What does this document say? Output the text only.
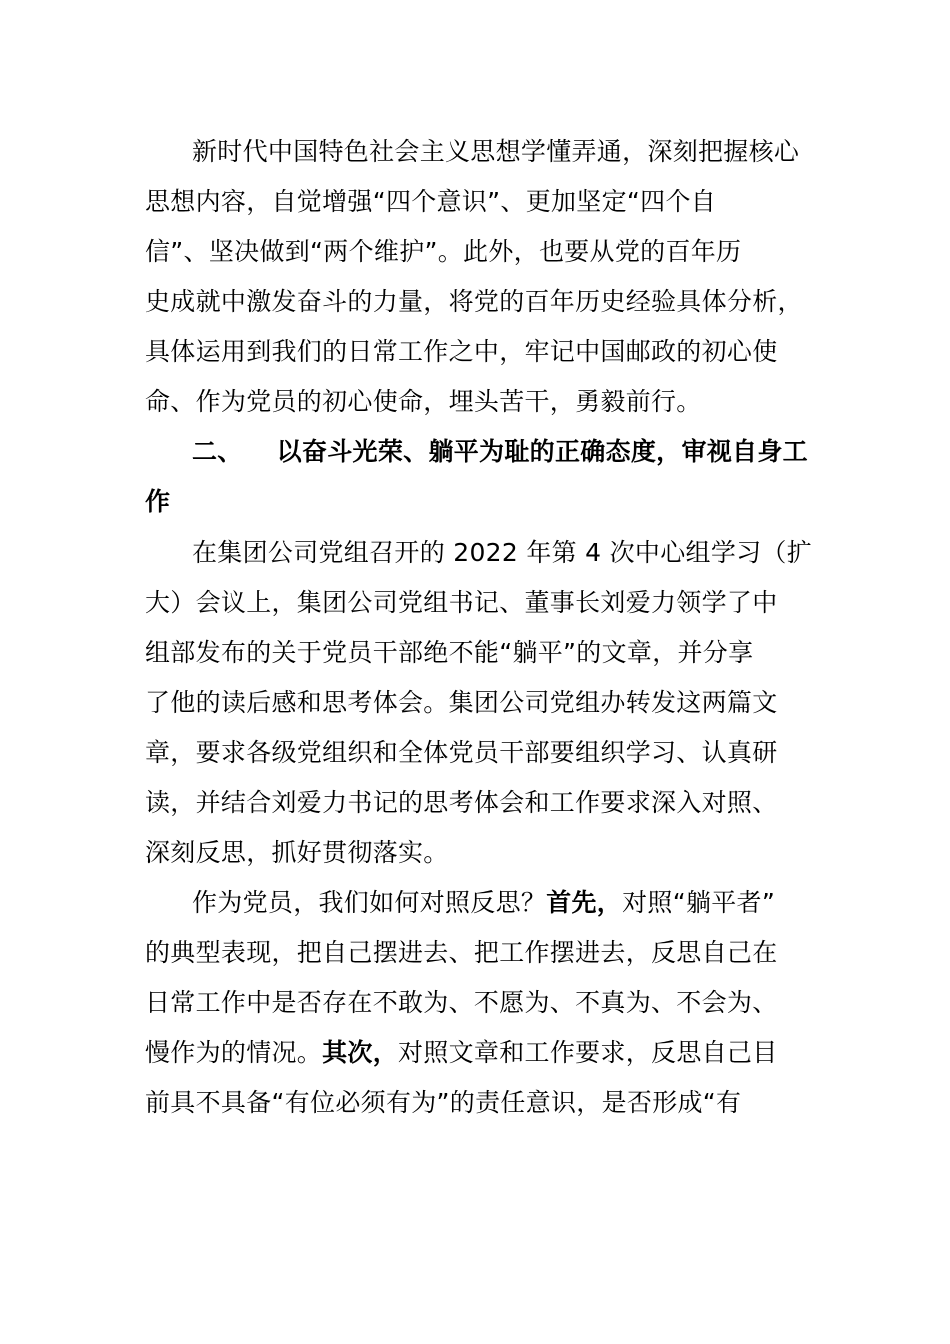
新时代中国特色社会主义思想学懂弄通，深刻把握核心
思想内容，自觉增强“四个意识”、更加坚定“四个自
信”、坚决做到“两个维护”。此外，也要从党的百年历
史成就中激发奋斗的力量，将党的百年历史经验具体分析，
具体运用到我们的日常工作之中，牢记中国邮政的初心使
命、作为党员的初心使命，埋头苦干，勇毅前行。
二、 以奋斗光荣、躺平为耻的正确态度，审视自身工
作
在集团公司党组召开的 2022 年第 4 次中心组学习（扩
大）会议上，集团公司党组书记、董事长刘爱力领学了中
组部发布的关于党员干部绝不能“躺平”的文章，并分享
了他的读后感和思考体会。集团公司党组办转发这两篇文
章，要求各级党组织和全体党员干部要组织学习、认真研
读，并结合刘爱力书记的思考体会和工作要求深入对照、
深刻反思，抓好贯彻落实。
作为党员，我们如何对照反思？首先，对照“躺平者”
的典型表现，把自己摆进去、把工作摆进去，反思自己在
日常工作中是否存在不敢为、不愿为、不真为、不会为、
慢作为的情况。其次，对照文章和工作要求，反思自己目
前具不具备“有位必须有为”的责任意识，是否形成“有
